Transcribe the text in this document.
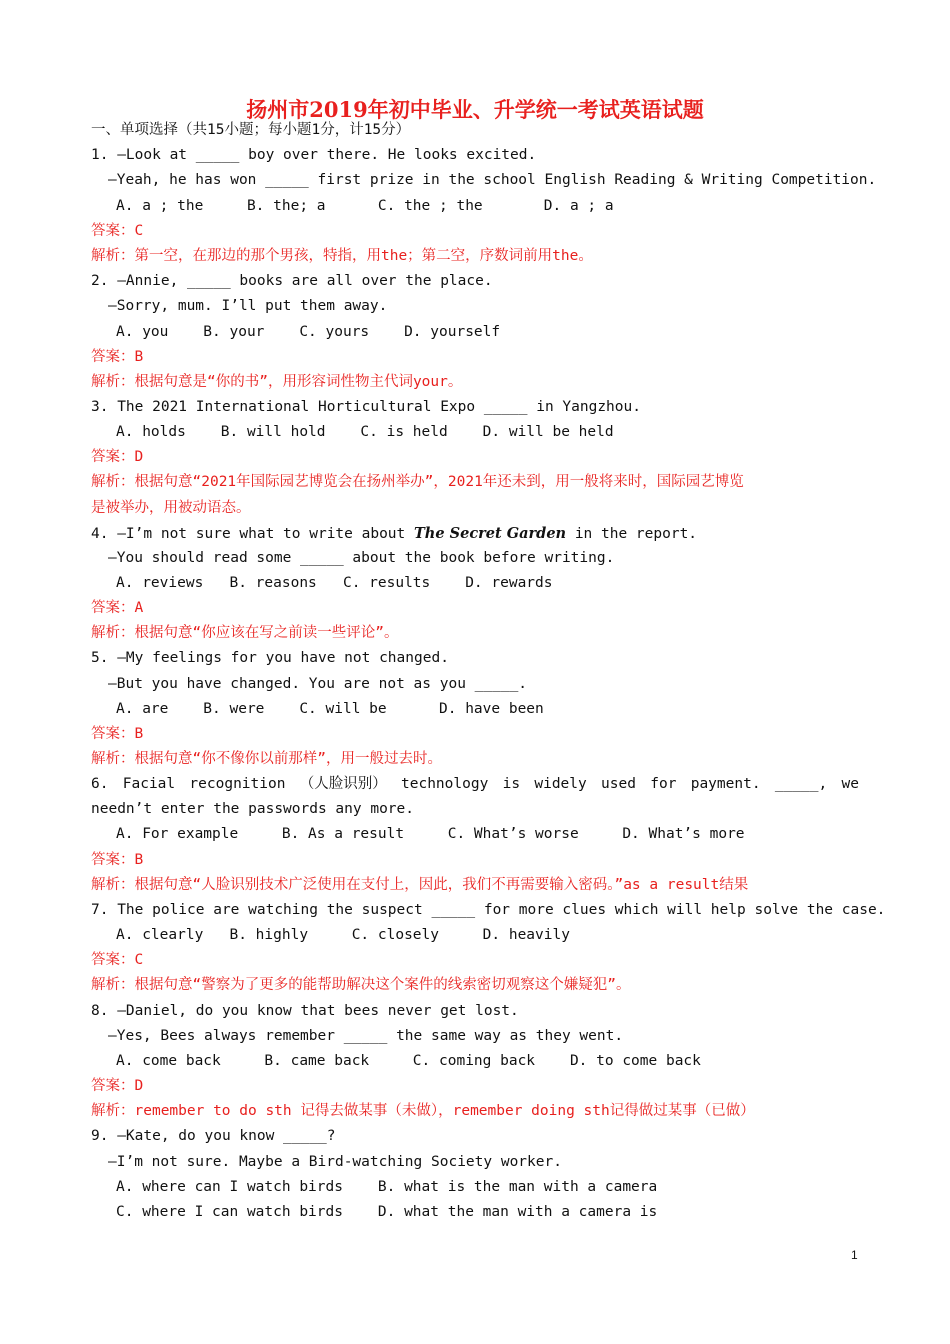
扬州市2019年初中毕业、升学统一考试英语试题
一、单项选择（共15小题；每小题1分，计15分）
1. —Look at _____ boy over there. He looks excited.
—Yeah, he has won _____ first prize in the school English Reading & Writing Competition.
A. a ; the     B. the; a      C. the ; the       D. a ; a
答案：C
解析：第一空，在那边的那个男孩，特指，用the；第二空，序数词前用the。
2. —Annie, _____ books are all over the place.
—Sorry, mum. I’ll put them away.
A. you    B. your    C. yours    D. yourself
答案：B
解析：根据句意是“你的书”，用形容词性物主代词your。
3. The 2021 International Horticultural Expo _____ in Yangzhou.
A. holds    B. will hold    C. is held    D. will be held
答案：D
解析：根据句意“2021年国际园艺博览会在扬州举办”，2021年还未到，用一般将来时，国际园艺博览
是被举办，用被动语态。
4. —I’m not sure what to write about The Secret Garden in the report.
—You should read some _____ about the book before writing.
A. reviews   B. reasons   C. results    D. rewards
答案：A
解析：根据句意“你应该在写之前读一些评论”。
5. —My feelings for you have not changed.
—But you have changed. You are not as you _____.
A. are    B. were    C. will be      D. have been
答案：B
解析：根据句意“你不像你以前那样”，用一般过去时。
6. Facial recognition （人脸识别） technology is widely used for payment. _____, we
needn’t enter the passwords any more.
A. For example     B. As a result     C. What’s worse     D. What’s more
答案：B
解析：根据句意“人脸识别技术广泛使用在支付上，因此，我们不再需要输入密码。”as a result结果
7. The police are watching the suspect _____ for more clues which will help solve the case.
A. clearly   B. highly     C. closely     D. heavily
答案：C
解析：根据句意“警察为了更多的能帮助解决这个案件的线索密切观察这个嫌疑犯”。
8. —Daniel, do you know that bees never get lost.
—Yes, Bees always remember _____ the same way as they went.
A. come back     B. came back     C. coming back    D. to come back
答案：D
解析：remember to do sth 记得去做某事（未做），remember doing sth记得做过某事（已做）
9. —Kate, do you know _____?
—I’m not sure. Maybe a Bird-watching Society worker.
A. where can I watch birds    B. what is the man with a camera
C. where I can watch birds    D. what the man with a camera is
1
